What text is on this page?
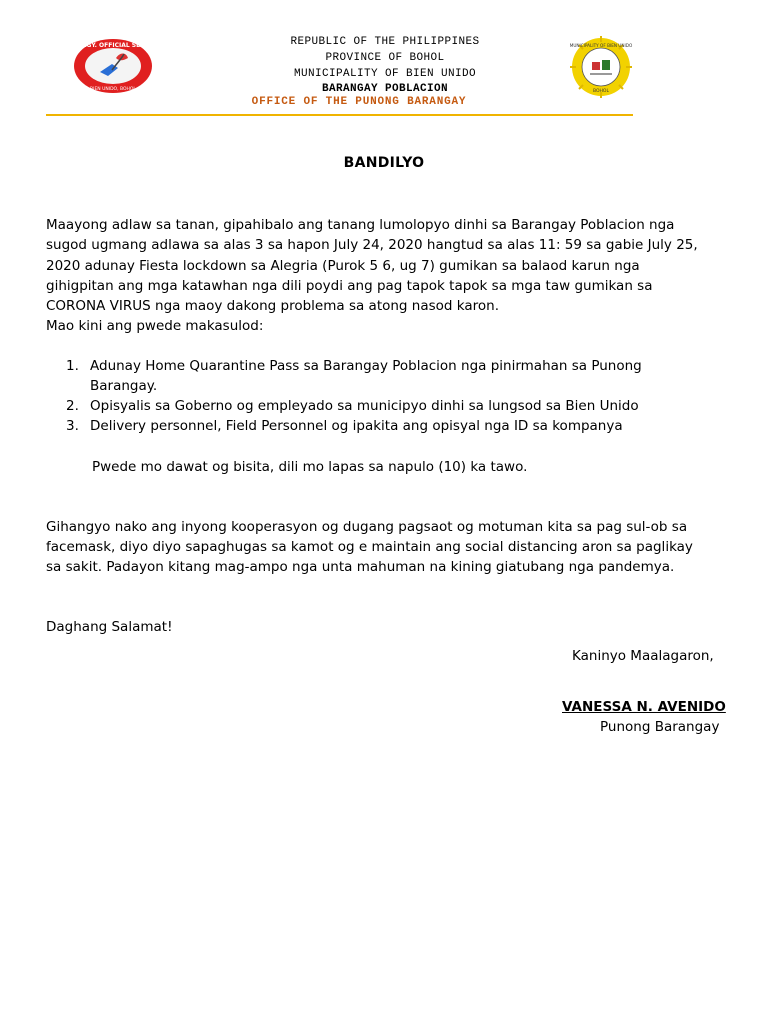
BRGY. OFFICIAL SEAL
BIEN UNIDO, BOHOL
MUNICIPALITY OF BIEN UNIDO
BOHOL
REPUBLIC OF THE PHILIPPINES
PROVINCE OF BOHOL
MUNICIPALITY OF BIEN UNIDO
BARANGAY POBLACION
OFFICE OF THE PUNONG BARANGAY
BANDILYO
Maayong adlaw sa tanan, gipahibalo ang tanang lumolopyo dinhi sa Barangay Poblacion nga
sugod ugmang adlawa sa alas 3 sa hapon July 24, 2020 hangtud sa alas 11: 59 sa gabie July 25,
2020 adunay Fiesta lockdown sa Alegria (Purok 5 6, ug 7) gumikan sa balaod karun nga
gihigpitan ang mga katawhan nga dili poydi ang pag tapok tapok sa mga taw gumikan sa
CORONA VIRUS nga maoy dakong problema sa atong nasod karon.
Mao kini ang pwede makasulod:
1. Adunay Home Quarantine Pass sa Barangay Poblacion nga pinirmahan sa Punong
Barangay.
2. Opisyalis sa Goberno og empleyado sa municipyo dinhi sa lungsod sa Bien Unido
3. Delivery personnel, Field Personnel og ipakita ang opisyal nga ID sa kompanya
Pwede mo dawat og bisita, dili mo lapas sa napulo (10) ka tawo.
Gihangyo nako ang inyong kooperasyon og dugang pagsaot og motuman kita sa pag sul-ob sa
facemask, diyo diyo sapaghugas sa kamot og e maintain ang social distancing aron sa paglikay
sa sakit. Padayon kitang mag-ampo nga unta mahuman na kining giatubang nga pandemya.
Daghang Salamat!
Kaninyo Maalagaron,
VANESSA N. AVENIDO
Punong Barangay
